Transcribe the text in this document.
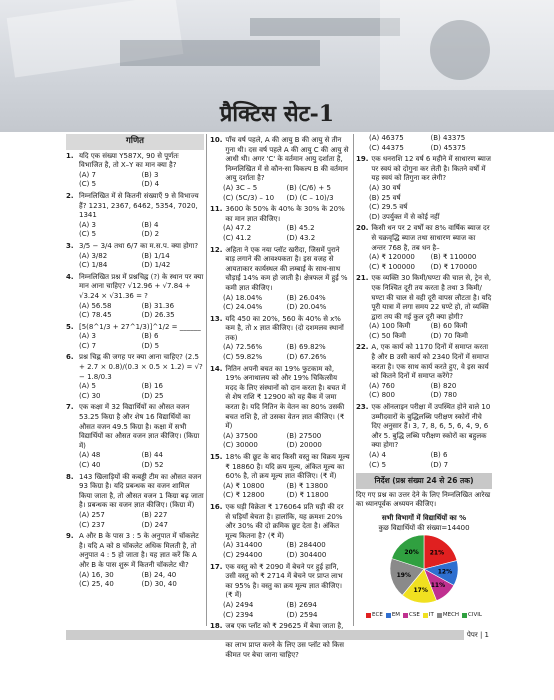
प्रैक्टिस सेट-1
गणित
1. यदि एक संख्या Y587X, 90 से पूर्णतः विभाजित है, तो X–Y का मान क्या है?
(A) 7	(B) 3
(C) 5	(D) 4
2. निम्नलिखित में से कितनी संख्याएँ 9 से विभाज्य हैं? 1231, 2367, 6462, 5354, 7020, 1341
(A) 3	(B) 4
(C) 5	(D) 2
3. 3/5 − 3/4 तथा 6/7 का म.स.प. क्या होगा?
(A) 3/82	(B) 1/14
(C) 1/84	(D) 1/42
4. निम्नलिखित प्रश्न में प्रश्नचिह्न (?) के स्थान पर क्या मान आना चाहिए? √12.96 + √7.84 + √3.24 × √31.36 = ?
(A) 56.58	(B) 31.36
(C) 78.45	(D) 26.35
5. [5(8^1/3 + 27^1/3)]^1/2 = ______
(A) 3	(B) 6
(C) 7	(D) 5
6. प्रश्न चिह्न की जगह पर क्या आना चाहिए? (2.5 + 2.7 × 0.8)/(0.3 × 0.5 × 1.2) = √? − 1.8/0.3
(A) 5	(B) 16
(C) 30	(D) 25
7. एक कक्षा में 32 विद्यार्थियों का औसत वजन 53.25 किग्रा है और शेष 16 विद्यार्थियों का औसत वजन 49.5 किग्रा है। कक्षा में सभी विद्यार्थियों का औसत वजन ज्ञात कीजिए। (किग्रा में)
(A) 48	(B) 44
(C) 40	(D) 52
8. 143 खिलाड़ियों की कबड्डी टीम का औसत वजन 93 किग्रा है। यदि प्रबन्धक का वजन शामिल किया जाता है, तो औसत वजन 1 किग्रा बढ़ जाता है। प्रबन्धक का वजन ज्ञात कीजिए। (किग्रा में)
(A) 257	(B) 227
(C) 237	(D) 247
9. A और B के पास 3 : 5 के अनुपात में चॉकलेट है। यदि A को 8 चॉकलेट अधिक मिलती है, तो अनुपात 4 : 5 हो जाता है। यह ज्ञात करें कि A और B के पास शुरू में कितनी चॉकलेट थी?
(A) 16, 30	(B) 24, 40
(C) 25, 40	(D) 30, 40
10. पाँच वर्ष पहले, A की आयु B की आयु से तीन गुना थी। दस वर्ष पहले A की आयु C की आयु से आधी थी। अगर 'C' के वर्तमान आयु दर्शाता है, निम्नलिखित में से कौन-सा विकल्प B की वर्तमान आयु दर्शाता है?
(A) 3C – 5	(B) (C/6) + 5
(C) (5C/3) – 10	(D) (C – 10)/3
11. 3600 के 50% के 40% के 30% के 20% का मान ज्ञात कीजिए।
(A) 47.2	(B) 45.2
(C) 41.2	(D) 43.2
12. अहिता ने एक नया प्लॉट खरीदा, जिसमें पुराने बाड़ लगाने की आवश्यकता है। इस वजह से आयताकार कार्यस्थल की लम्बाई के साथ-साथ चौड़ाई 14% कम हो जाती है। क्षेत्रफल में हुई % कमी ज्ञात कीजिए।
(A) 18.04%	(B) 26.04%
(C) 24.04%	(D) 20.04%
13. यदि 450 का 20%, 560 के 40% से x% कम है, तो x ज्ञात कीजिए। (दो दशमलव स्थानों तक)
(A) 72.56%	(B) 69.82%
(C) 59.82%	(D) 67.26%
14. नितिन अपनी बचत का 19% फुटकाम को, 19% अनाथालय को और 19% चिकित्सीय मदद के लिए संस्थानों को दान करता है। बचत में से शेष राशि ₹ 12900 को वह बैंक में जमा करता है। यदि नितिन के वेतन का 80% उसकी बचत राशि है, तो उसका वेतन ज्ञात कीजिए। (₹ में)
(A) 37500	(B) 27500
(C) 30000	(D) 20000
15. 18% की छूट के बाद किसी वस्तु का विक्रय मूल्य ₹ 18860 है। यदि क्रय मूल्य, अंकित मूल्य का 60% है, तो क्रय मूल्य ज्ञात कीजिए। (₹ में)
(A) ₹ 10800	(B) ₹ 13800
(C) ₹ 12800	(D) ₹ 11800
16. एक घड़ी विक्रेता ₹ 176064 प्रति घड़ी की दर से घड़ियाँ बेचता है। हालांकि, यह क्रमशः 20% और 30% की दो क्रमिक छूट देता है। अंकित मूल्य कितना है? (₹ में)
(A) 314400	(B) 284400
(C) 294400	(D) 304400
17. एक वस्तु को ₹ 2090 में बेचने पर हुई हानि, उसी वस्तु को ₹ 2714 में बेचने पर प्राप्त लाभ का 95% है। वस्तु का क्रय मूल्य ज्ञात कीजिए। (₹ में)
(A) 2494	(B) 2694
(C) 2394	(D) 2594
18. जब एक प्लॉट को ₹ 29625 में बेचा जाता है, का लाभ प्राप्त करने के लिए उस प्लॉट को किस कीमत पर बेचा जाना चाहिए?
(A) 46375	(B) 43375
(C) 44375	(D) 45375
19. एक धनराशि 12 वर्ष 6 महीने में साधारण ब्याज पर स्वयं को दोगुना कर लेती है। कितने वर्षों में यह स्वयं को तिगुना कर लेगी?
(A) 30 वर्ष
(B) 25 वर्ष
(C) 29.5 वर्ष
(D) उपर्युक्त में से कोई नहीं
20. किसी धन पर 2 वर्षों का 8% वार्षिक ब्याज दर से चक्रवृद्धि ब्याज तथा साधारण ब्याज का अन्तर 768 है, तब धन है–
(A) ₹ 120000	(B) ₹ 110000
(C) ₹ 100000	(D) ₹ 170000
21. एक व्यक्ति 30 किमी/घण्टा की चाल से, ट्रेन से, एक निश्चित दूरी तय करता है तथा 3 किमी/घण्टा की चाल से वही दूरी वापस लौटता है। यदि पूरी यात्रा में लगा समय 22 घण्टे हो, तो व्यक्ति द्वारा तय की गई कुल दूरी क्या होगी?
(A) 100 किमी	(B) 60 किमी
(C) 50 किमी	(D) 70 किमी
22. A, एक कार्य को 1170 दिनों में समाप्त करता है और B उसी कार्य को 2340 दिनों में समाप्त करता है। एक साथ कार्य करते हुए, वे इस कार्य को कितने दिनों में समाप्त करेंगे?
(A) 760	(B) 820
(C) 800	(D) 780
23. एक ऑनलाइन परीक्षा में उपस्थित होने वाले 10 उम्मीदवारों के बुद्धिलब्धि परीक्षण स्कोरों नीचे दिए अनुसार हैं। 3, 7, 8, 6, 5, 6, 4, 9, 6 और 5. बुद्धि लब्धि परीक्षण स्कोरों का बहुलक क्या होगा?
(A) 4	(B) 6
(C) 5	(D) 7
निर्देश (प्रश्न संख्या 24 से 26 तक)
दिए गए प्रश्न का उत्तर देने के लिए निम्नलिखित आरेख का ध्यानपूर्वक अध्ययन कीजिए।
सभी विभागों में विद्यार्थियों का %
कुछ विद्यार्थियों की संख्या=14400
21%
12%
11%
17%
19%
20%
ECE EM CSE IT MECH CIVIL
पेपर | 1
